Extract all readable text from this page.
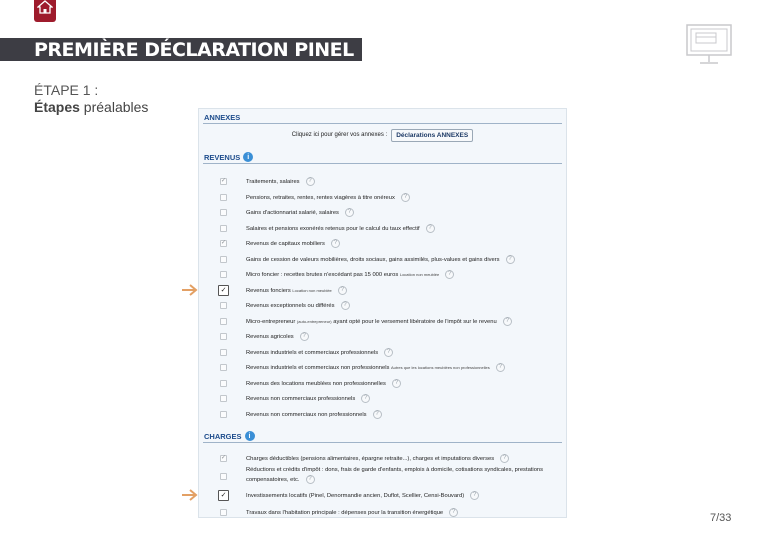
PREMIÈRE DÉCLARATION PINEL
ÉTAPE 1 :
Étapes préalables
ANNEXES
Cliquez ici pour gérer vos annexes :	Déclarations ANNEXES
REVENUS	i
✓	Traitements, salaires ?
Pensions, retraites, rentes, rentes viagères à titre onéreux ?
Gains d'actionnariat salarié, salaires ?
Salaires et pensions exonérés retenus pour le calcul du taux effectif ?
✓	Revenus de capitaux mobiliers ?
Gains de cession de valeurs mobilières, droits sociaux, gains assimilés, plus-values et gains divers ?
Micro foncier : recettes brutes n'excédant pas 15 000 euros Location non meublée ?
✓	Revenus fonciers Location non meublée ?
Revenus exceptionnels ou différés ?
Micro-entrepreneur (auto-entrepreneur) ayant opté pour le versement libératoire de l'impôt sur le revenu ?
Revenus agricoles ?
Revenus industriels et commerciaux professionnels ?
Revenus industriels et commerciaux non professionnels Autres que les locations meublées non professionnelles ?
Revenus des locations meublées non professionnelles ?
Revenus non commerciaux professionnels ?
Revenus non commerciaux non professionnels ?
CHARGES	i
✓	Charges déductibles (pensions alimentaires, épargne retraite...), charges et imputations diverses ?
Réductions et crédits d'impôt : dons, frais de garde d'enfants, emplois à domicile, cotisations syndicales, prestations compensatoires, etc. ?
✓	Investissements locatifs (Pinel, Denormandie ancien, Duflot, Scellier, Censi-Bouvard) ?
Travaux dans l'habitation principale : dépenses pour la transition énergétique ?	7/33
